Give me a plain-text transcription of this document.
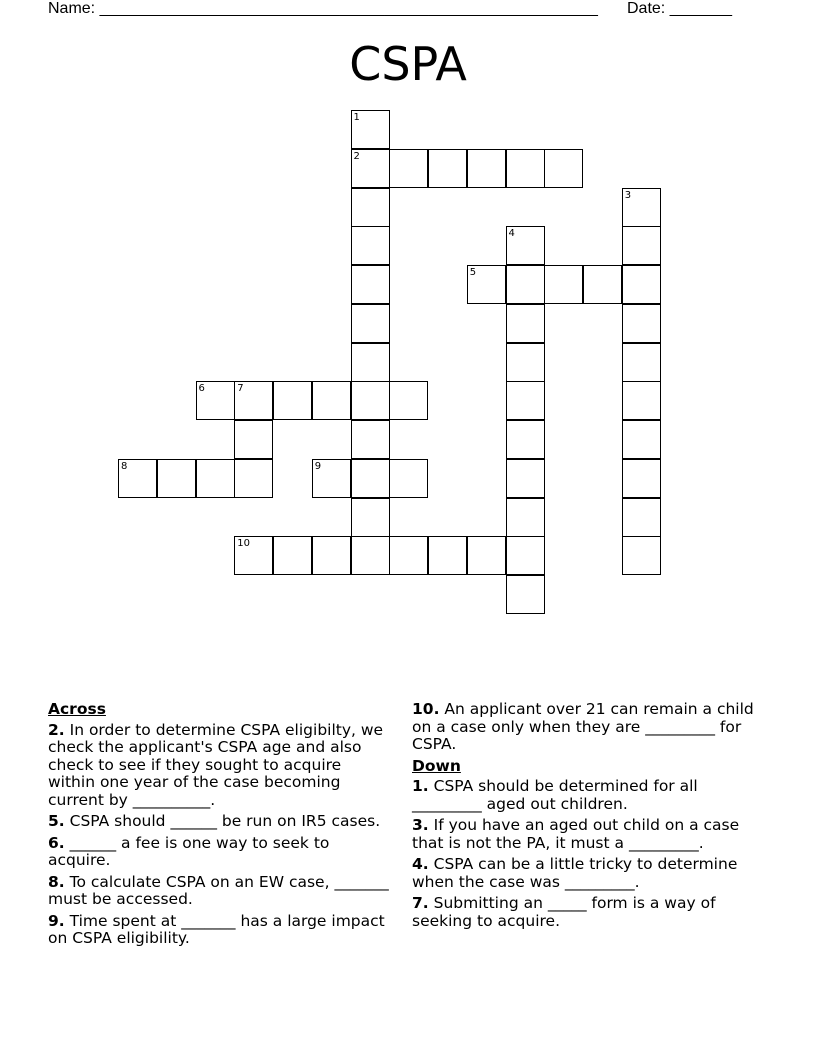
Name: ________________________________________________________ Date: _______
CSPA
1
2
3
4
5
6	7
8	9
10
Across
2. In order to determine CSPA eligibilty, we check the applicant's CSPA age and also check to see if they sought to acquire within one year of the case becoming current by __________.
5. CSPA should ______ be run on IR5 cases.
6. ______ a fee is one way to seek to acquire.
8. To calculate CSPA on an EW case, _______ must be accessed.
9. Time spent at _______ has a large impact on CSPA eligibility.
10. An applicant over 21 can remain a child on a case only when they are _________ for CSPA.
Down
1. CSPA should be determined for all _________ aged out children.
3. If you have an aged out child on a case that is not the PA, it must a _________.
4. CSPA can be a little tricky to determine when the case was _________.
7. Submitting an _____ form is a way of seeking to acquire.
